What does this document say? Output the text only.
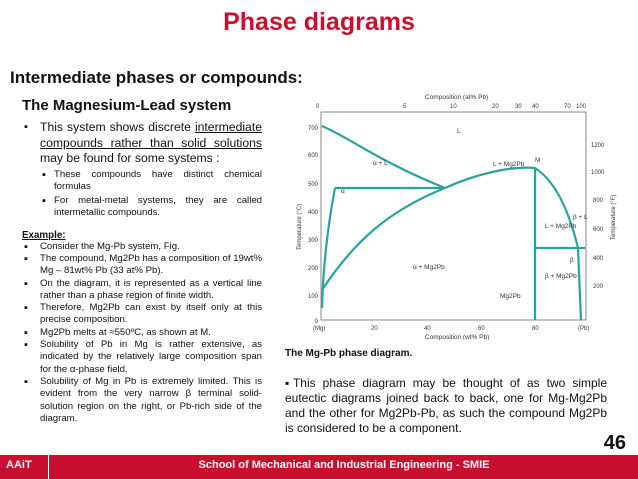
Phase diagrams
Intermediate phases or compounds:
The Magnesium-Lead system
▪ This system shows discrete intermediate compounds rather than solid solutions may be found for some systems :
▪ These compounds have distinct chemical formulas
▪ For metal-metal systems, they are called intermetallic compounds.
Example:
▪ Consider the Mg-Pb system, Fig.
▪ The compound, Mg2Pb has a composition of 19wt% Mg – 81wt% Pb (33 at% Pb).
▪ On the diagram, it is represented as a vertical line rather than a phase region of finite width.
▪ Therefore, Mg2Pb can exist by itself only at this precise composition.
▪ Mg2Pb melts at ≈550ºC, as shown at M.
▪ Solubility of Pb in Mg is rather extensive, as indicated by the relatively large composition span for the α-phase field.
▪ Solubility of Mg in Pb is extremely limited. This is evident from the very narrow β terminal solid-solution region on the right, or Pb-rich side of the diagram.
Composition (at% Pb)
0	5	10	20	30 40	70 100
Temperature (°C)
700
600
500
400
300
200
100
0
Temperature (°F)
1200
1000
800
600
400
200
L
α + L	L + Mg2Pb
M
α
L + Mg2Pb
β + L
β
α + Mg2Pb
β + Mg2Pb
Mg2Pb
(Mg)	20	40	60	80	(Pb)
Composition (wt% Pb)
The Mg-Pb phase diagram.
▪This phase diagram may be thought of as two simple eutectic diagrams joined back to back, one for Mg-Mg2Pb and the other for Mg2Pb-Pb, as such the compound Mg2Pb is considered to be a component.
46
AAiT	School of Mechanical and Industrial Engineering - SMIE
